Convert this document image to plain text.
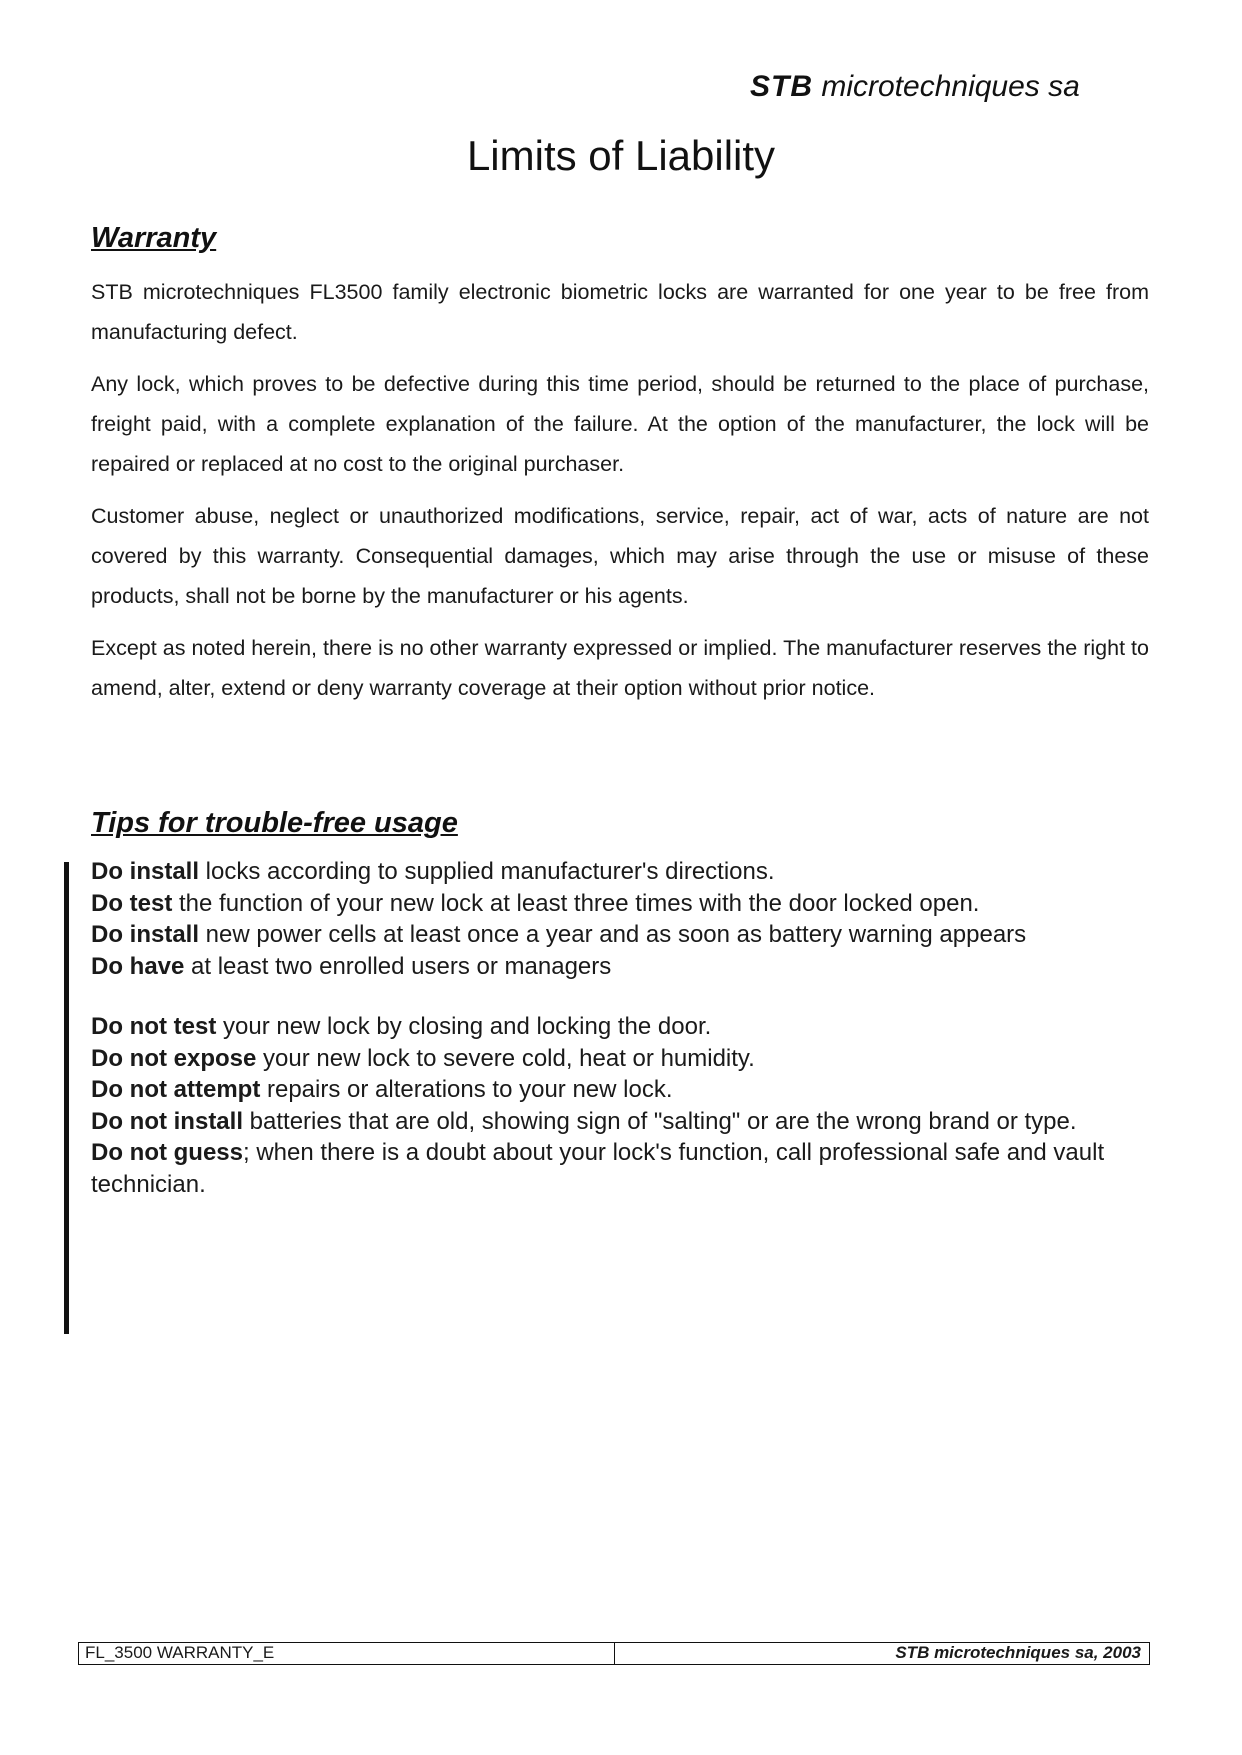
STB microtechniques sa
Limits of Liability
Warranty

STB microtechniques FL3500 family electronic biometric locks are warranted for one year to be free from manufacturing defect.

Any lock, which proves to be defective during this time period, should be returned to the place of purchase, freight paid, with a complete explanation of the failure. At the option of the manufacturer, the lock will be repaired or replaced at no cost to the original purchaser.

Customer abuse, neglect or unauthorized modifications, service, repair, act of war, acts of nature are not covered by this warranty. Consequential damages, which may arise through the use or misuse of these products, shall not be borne by the manufacturer or his agents.

Except as noted herein, there is no other warranty expressed or implied. The manufacturer reserves the right to amend, alter, extend or deny warranty coverage at their option without prior notice.

Tips for trouble-free usage

Do install locks according to supplied manufacturer's directions.

Do test the function of your new lock at least three times with the door locked open.

Do install new power cells at least once a year and as soon as battery warning appears

Do have at least two enrolled users or managers

Do not test your new lock by closing and locking the door.

Do not expose your new lock to severe cold, heat or humidity.

Do not attempt repairs or alterations to your new lock.

Do not install batteries that are old, showing sign of "salting" or are the wrong brand or type.

Do not guess; when there is a doubt about your lock's function, call professional safe and vault technician.

FL_3500 WARRANTY_E	STB microtechniques sa, 2003
